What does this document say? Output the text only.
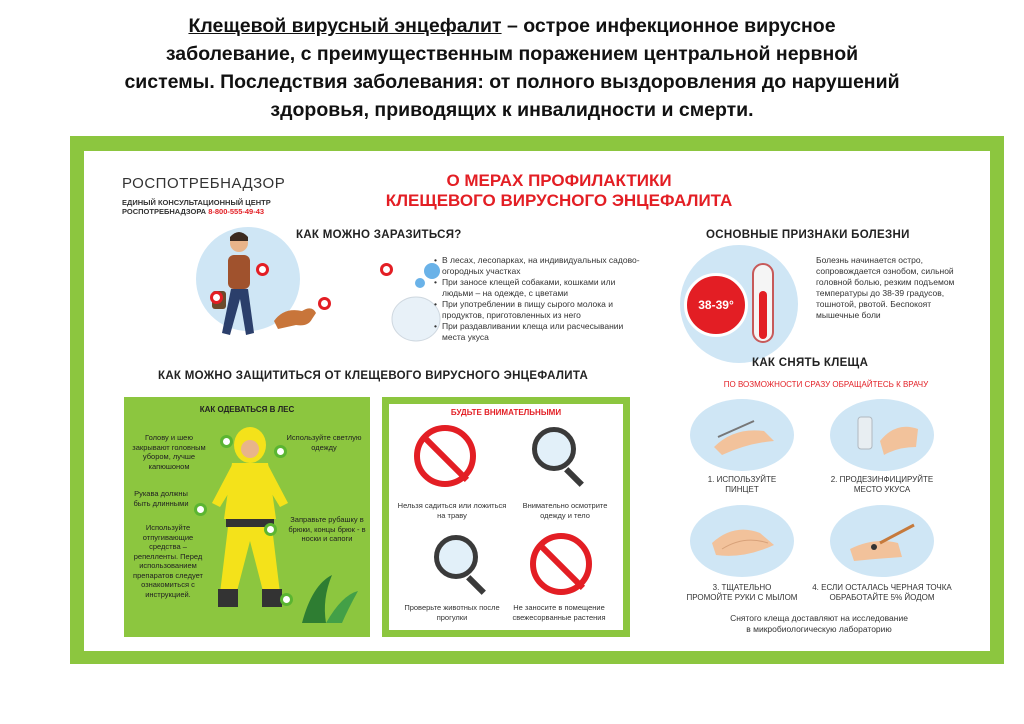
Клещевой вирусный энцефалит – острое инфекционное вирусное
заболевание, с преимущественным поражением центральной нервной
системы. Последствия заболевания: от полного выздоровления до нарушений
здоровья, приводящих к инвалидности и смерти.
РОСПОТРЕБНАДЗОР
ЕДИНЫЙ КОНСУЛЬТАЦИОННЫЙ ЦЕНТР
РОСПОТРЕБНАДЗОРА 8-800-555-49-43
О МЕРАХ ПРОФИЛАКТИКИ
КЛЕЩЕВОГО ВИРУСНОГО ЭНЦЕФАЛИТА
КАК МОЖНО ЗАРАЗИТЬСЯ?
• В лесах, лесопарках, на индивидуальных садово-огородных участках
• При заносе клещей собаками, кошками или людьми – на одежде, с цветами
• При употреблении в пищу сырого молока и продуктов, приготовленных из него
• При раздавливании клеща или расчесывании места укуса
ОСНОВНЫЕ ПРИЗНАКИ БОЛЕЗНИ
38-39°
Болезнь начинается остро, сопровождается ознобом, сильной головной болью, резким подъемом температуры до 38-39 градусов, тошнотой, рвотой. Беспокоят мышечные боли
КАК МОЖНО ЗАЩИТИТЬСЯ ОТ КЛЕЩЕВОГО ВИРУСНОГО ЭНЦЕФАЛИТА
КАК ОДЕВАТЬСЯ В ЛЕС
Голову и шею закрывают головным убором, лучше капюшоном
Используйте светлую одежду
Рукава должны быть длинными
Используйте отпугивающие средства – репелленты. Перед использованием препаратов следует ознакомиться с инструкцией.
Заправьте рубашку в брюки, концы брюк - в носки и сапоги
БУДЬТЕ ВНИМАТЕЛЬНЫМИ
Нельзя садиться или ложиться на траву
Внимательно осмотрите одежду и тело
Проверьте животных после прогулки
Не заносите в помещение свежесорванные растения
КАК СНЯТЬ КЛЕЩА
ПО ВОЗМОЖНОСТИ СРАЗУ ОБРАЩАЙТЕСЬ К ВРАЧУ
1. ИСПОЛЬЗУЙТЕ
ПИНЦЕТ
2. ПРОДЕЗИНФИЦИРУЙТЕ
МЕСТО УКУСА
3. ТЩАТЕЛЬНО
ПРОМОЙТЕ РУКИ С МЫЛОМ
4. ЕСЛИ ОСТАЛАСЬ ЧЕРНАЯ ТОЧКА
ОБРАБОТАЙТЕ 5% ЙОДОМ
Снятого клеща доставляют на исследование
в микробиологическую лабораторию
